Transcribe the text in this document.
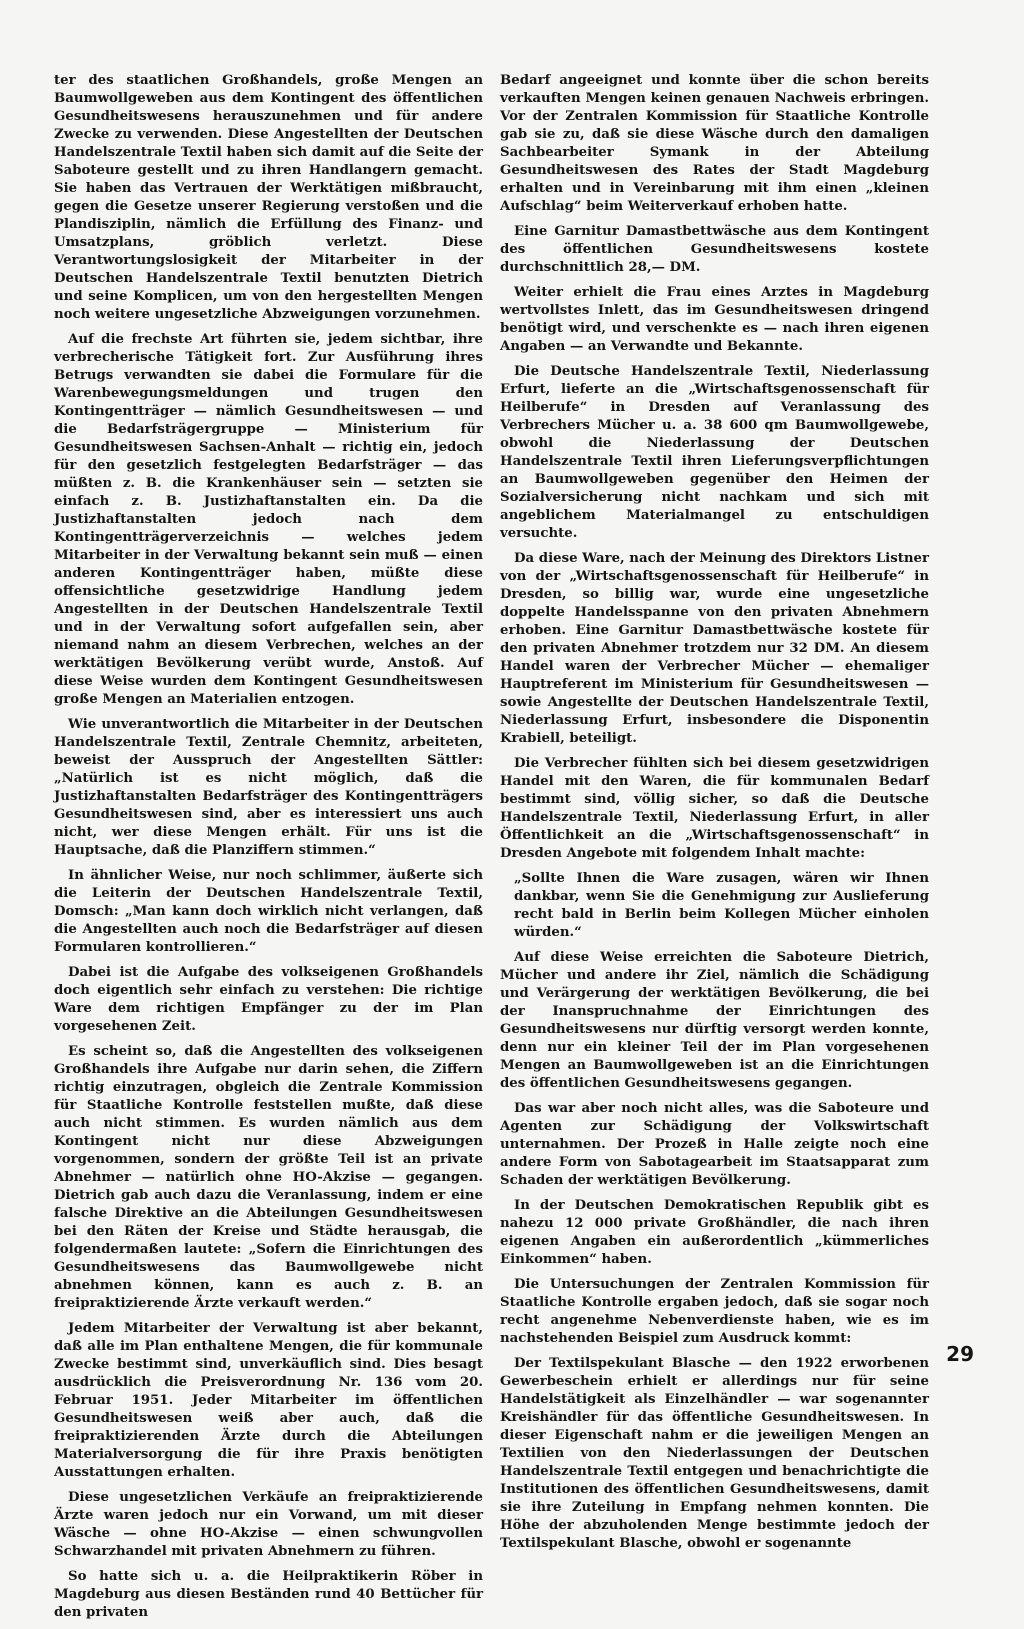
ter des staatlichen Großhandels, große Mengen an Baumwollgeweben aus dem Kontingent des öffentlichen Gesundheitswesens herauszunehmen und für andere Zwecke zu verwenden. Diese Angestellten der Deutschen Handelszentrale Textil haben sich damit auf die Seite der Saboteure gestellt und zu ihren Handlangern gemacht. Sie haben das Vertrauen der Werktätigen mißbraucht, gegen die Gesetze unserer Regierung verstoßen und die Plandisziplin, nämlich die Erfüllung des Finanz- und Umsatzplans, gröblich verletzt. Diese Verantwortungslosigkeit der Mitarbeiter in der Deutschen Handelszentrale Textil benutzten Dietrich und seine Komplicen, um von den hergestellten Mengen noch weitere ungesetzliche Abzweigungen vorzunehmen.

Auf die frechste Art führten sie, jedem sichtbar, ihre verbrecherische Tätigkeit fort. Zur Ausführung ihres Betrugs verwandten sie dabei die Formulare für die Warenbewegungsmeldungen und trugen den Kontingentträger — nämlich Gesundheitswesen — und die Bedarfsträgergruppe — Ministerium für Gesundheitswesen Sachsen-Anhalt — richtig ein, jedoch für den gesetzlich festgelegten Bedarfsträger — das müßten z. B. die Krankenhäuser sein — setzten sie einfach z. B. Justizhaftanstalten ein. Da die Justizhaftanstalten jedoch nach dem Kontingentträgerverzeichnis — welches jedem Mitarbeiter in der Verwaltung bekannt sein muß — einen anderen Kontingentträger haben, müßte diese offensichtliche gesetzwidrige Handlung jedem Angestellten in der Deutschen Handelszentrale Textil und in der Verwaltung sofort aufgefallen sein, aber niemand nahm an diesem Verbrechen, welches an der werktätigen Bevölkerung verübt wurde, Anstoß. Auf diese Weise wurden dem Kontingent Gesundheitswesen große Mengen an Materialien entzogen.

Wie unverantwortlich die Mitarbeiter in der Deutschen Handelszentrale Textil, Zentrale Chemnitz, arbeiteten, beweist der Ausspruch der Angestellten Sättler: „Natürlich ist es nicht möglich, daß die Justizhaftanstalten Bedarfsträger des Kontingentträgers Gesundheitswesen sind, aber es interessiert uns auch nicht, wer diese Mengen erhält. Für uns ist die Hauptsache, daß die Planziffern stimmen.“

In ähnlicher Weise, nur noch schlimmer, äußerte sich die Leiterin der Deutschen Handelszentrale Textil, Domsch: „Man kann doch wirklich nicht verlangen, daß die Angestellten auch noch die Bedarfsträger auf diesen Formularen kontrollieren.“

Dabei ist die Aufgabe des volkseigenen Großhandels doch eigentlich sehr einfach zu verstehen: Die richtige Ware dem richtigen Empfänger zu der im Plan vorgesehenen Zeit.

Es scheint so, daß die Angestellten des volkseigenen Großhandels ihre Aufgabe nur darin sehen, die Ziffern richtig einzutragen, obgleich die Zentrale Kommission für Staatliche Kontrolle feststellen mußte, daß diese auch nicht stimmen. Es wurden nämlich aus dem Kontingent nicht nur diese Abzweigungen vorgenommen, sondern der größte Teil ist an private Abnehmer — natürlich ohne HO-Akzise — gegangen. Dietrich gab auch dazu die Veranlassung, indem er eine falsche Direktive an die Abteilungen Gesundheitswesen bei den Räten der Kreise und Städte herausgab, die folgendermaßen lautete: „Sofern die Einrichtungen des Gesundheitswesens das Baumwollgewebe nicht abnehmen können, kann es auch z. B. an freipraktizierende Ärzte verkauft werden.“

Jedem Mitarbeiter der Verwaltung ist aber bekannt, daß alle im Plan enthaltene Mengen, die für kommunale Zwecke bestimmt sind, unverkäuflich sind. Dies besagt ausdrücklich die Preisverordnung Nr. 136 vom 20. Februar 1951. Jeder Mitarbeiter im öffentlichen Gesundheitswesen weiß aber auch, daß die freipraktizierenden Ärzte durch die Abteilungen Materialversorgung die für ihre Praxis benötigten Ausstattungen erhalten.

Diese ungesetzlichen Verkäufe an freipraktizierende Ärzte waren jedoch nur ein Vorwand, um mit dieser Wäsche — ohne HO-Akzise — einen schwungvollen Schwarzhandel mit privaten Abnehmern zu führen.

So hatte sich u. a. die Heilpraktikerin Röber in Magdeburg aus diesen Beständen rund 40 Bettücher für den privaten

Bedarf angeeignet und konnte über die schon bereits verkauften Mengen keinen genauen Nachweis erbringen. Vor der Zentralen Kommission für Staatliche Kontrolle gab sie zu, daß sie diese Wäsche durch den damaligen Sachbearbeiter Symank in der Abteilung Gesundheitswesen des Rates der Stadt Magdeburg erhalten und in Vereinbarung mit ihm einen „kleinen Aufschlag“ beim Weiterverkauf erhoben hatte.

Eine Garnitur Damastbettwäsche aus dem Kontingent des öffentlichen Gesundheitswesens kostete durchschnittlich 28,— DM.

Weiter erhielt die Frau eines Arztes in Magdeburg wertvollstes Inlett, das im Gesundheitswesen dringend benötigt wird, und verschenkte es — nach ihren eigenen Angaben — an Verwandte und Bekannte.

Die Deutsche Handelszentrale Textil, Niederlassung Erfurt, lieferte an die „Wirtschaftsgenossenschaft für Heilberufe“ in Dresden auf Veranlassung des Verbrechers Mücher u. a. 38 600 qm Baumwollgewebe, obwohl die Niederlassung der Deutschen Handelszentrale Textil ihren Lieferungsverpflichtungen an Baumwollgeweben gegenüber den Heimen der Sozialversicherung nicht nachkam und sich mit angeblichem Materialmangel zu entschuldigen versuchte.

Da diese Ware, nach der Meinung des Direktors Listner von der „Wirtschaftsgenossenschaft für Heilberufe“ in Dresden, so billig war, wurde eine ungesetzliche doppelte Handelsspanne von den privaten Abnehmern erhoben. Eine Garnitur Damastbettwäsche kostete für den privaten Abnehmer trotzdem nur 32 DM. An diesem Handel waren der Verbrecher Mücher — ehemaliger Hauptreferent im Ministerium für Gesundheitswesen — sowie Angestellte der Deutschen Handelszentrale Textil, Niederlassung Erfurt, insbesondere die Disponentin Krabiell, beteiligt.

Die Verbrecher fühlten sich bei diesem gesetzwidrigen Handel mit den Waren, die für kommunalen Bedarf bestimmt sind, völlig sicher, so daß die Deutsche Handelszentrale Textil, Niederlassung Erfurt, in aller Öffentlichkeit an die „Wirtschaftsgenossenschaft“ in Dresden Angebote mit folgendem Inhalt machte:

„Sollte Ihnen die Ware zusagen, wären wir Ihnen dankbar, wenn Sie die Genehmigung zur Auslieferung recht bald in Berlin beim Kollegen Mücher einholen würden.“

Auf diese Weise erreichten die Saboteure Dietrich, Mücher und andere ihr Ziel, nämlich die Schädigung und Verärgerung der werktätigen Bevölkerung, die bei der Inanspruchnahme der Einrichtungen des Gesundheitswesens nur dürftig versorgt werden konnte, denn nur ein kleiner Teil der im Plan vorgesehenen Mengen an Baumwollgeweben ist an die Einrichtungen des öffentlichen Gesundheitswesens gegangen.

Das war aber noch nicht alles, was die Saboteure und Agenten zur Schädigung der Volkswirtschaft unternahmen. Der Prozeß in Halle zeigte noch eine andere Form von Sabotagearbeit im Staatsapparat zum Schaden der werktätigen Bevölkerung.

In der Deutschen Demokratischen Republik gibt es nahezu 12 000 private Großhändler, die nach ihren eigenen Angaben ein außerordentlich „kümmerliches Einkommen“ haben.

Die Untersuchungen der Zentralen Kommission für Staatliche Kontrolle ergaben jedoch, daß sie sogar noch recht angenehme Nebenverdienste haben, wie es im nachstehenden Beispiel zum Ausdruck kommt:

Der Textilspekulant Blasche — den 1922 erworbenen Gewerbeschein erhielt er allerdings nur für seine Handelstätigkeit als Einzelhändler — war sogenannter Kreishändler für das öffentliche Gesundheitswesen. In dieser Eigenschaft nahm er die jeweiligen Mengen an Textilien von den Niederlassungen der Deutschen Handelszentrale Textil entgegen und benachrichtigte die Institutionen des öffentlichen Gesundheitswesens, damit sie ihre Zuteilung in Empfang nehmen konnten. Die Höhe der abzuholenden Menge bestimmte jedoch der Textilspekulant Blasche, obwohl er sogenannte

29
